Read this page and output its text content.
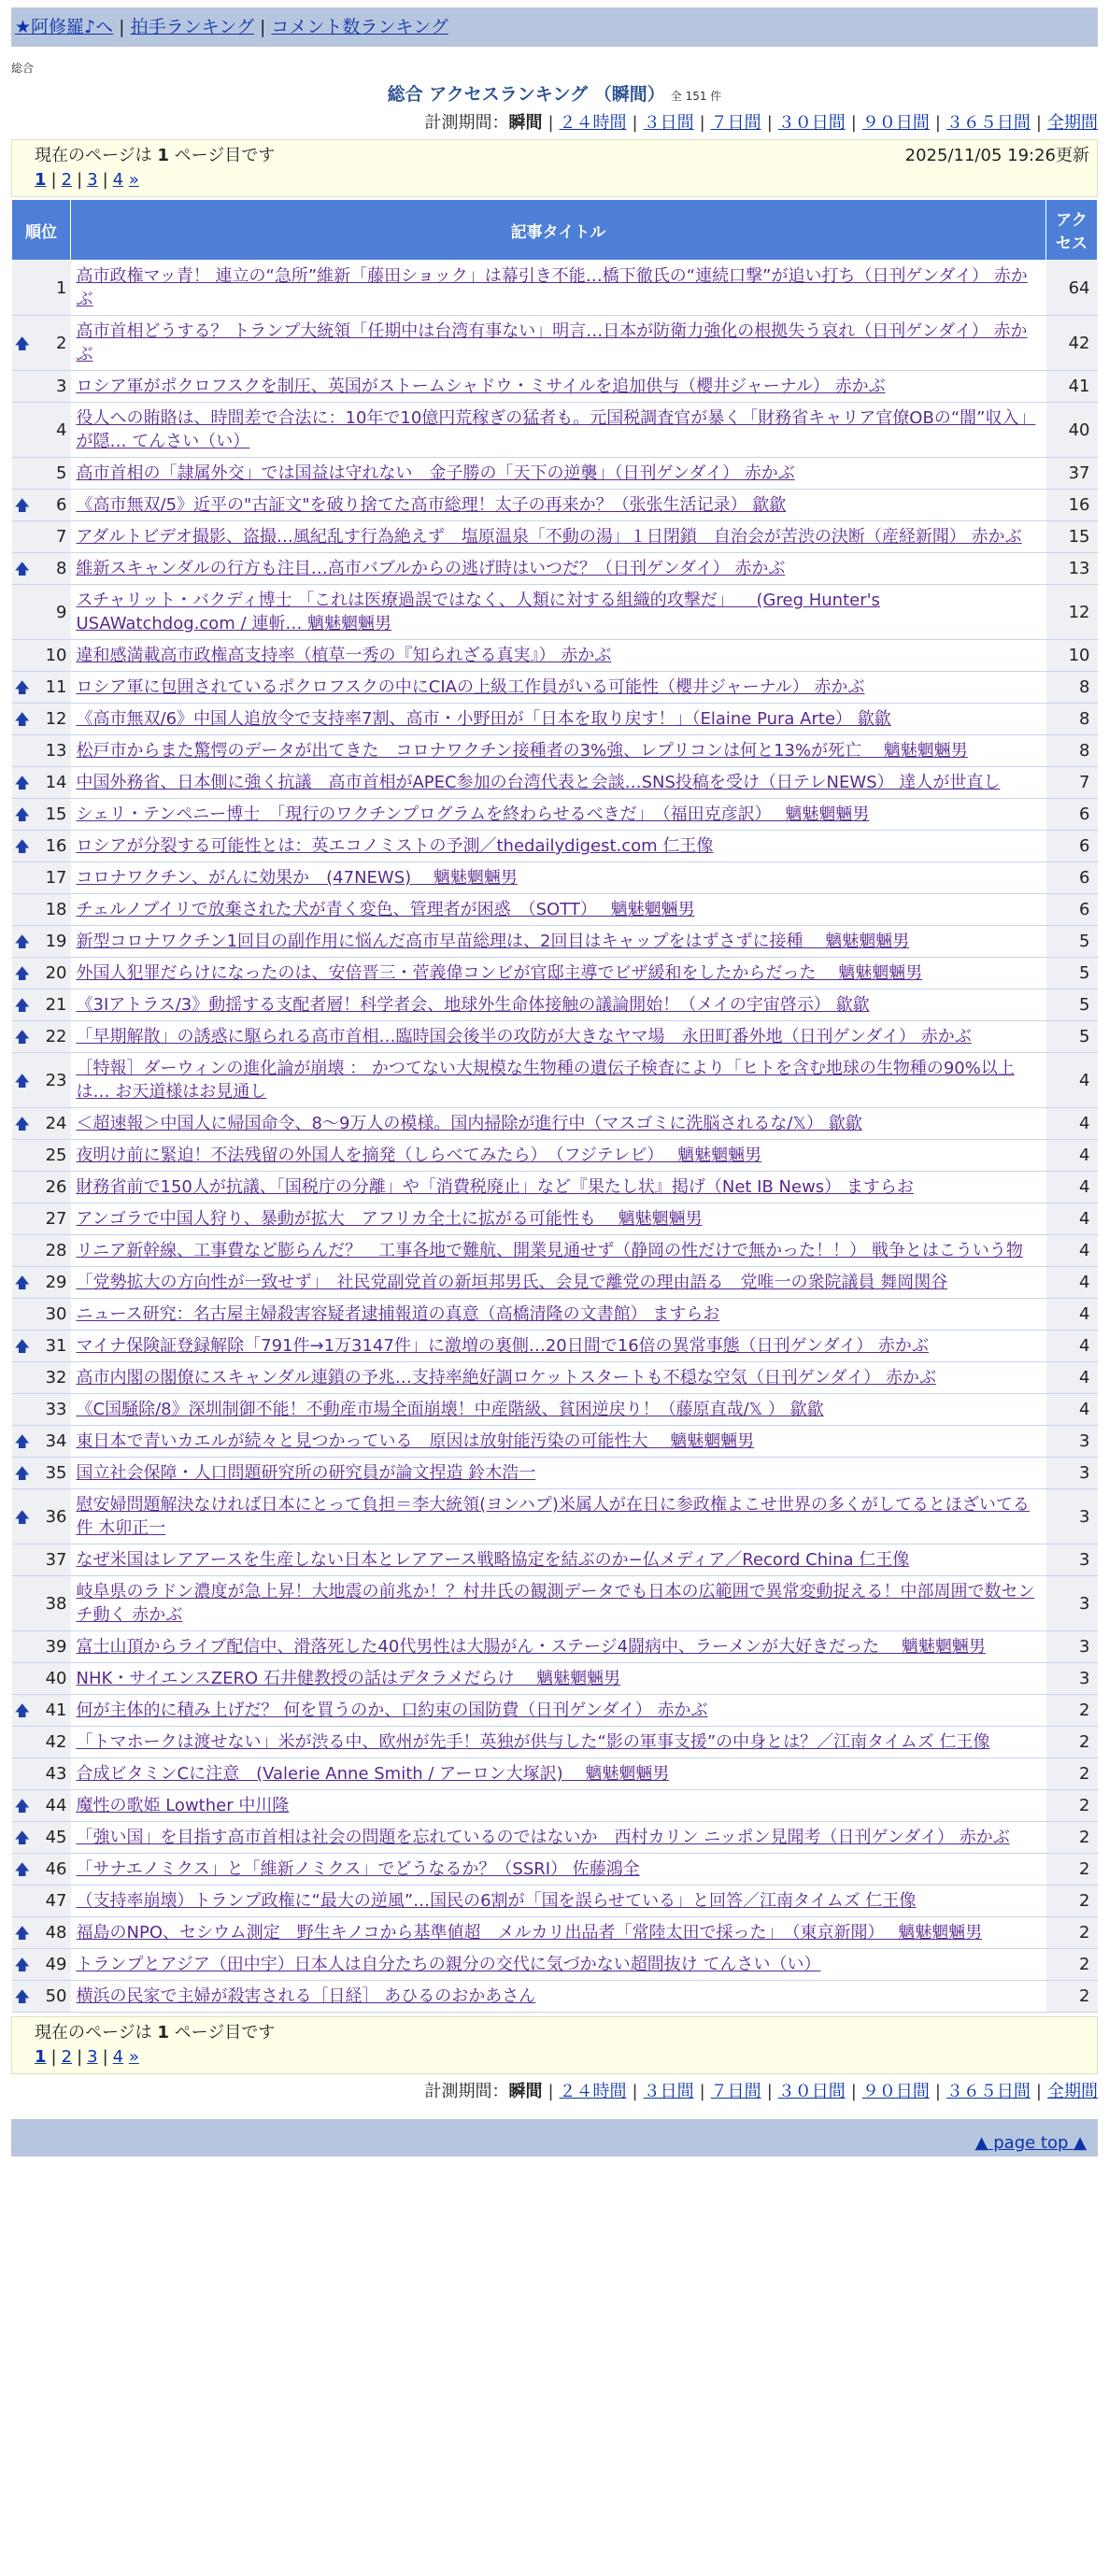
★阿修羅♪へ | 拍手ランキング | コメント数ランキング
総合
総合 アクセスランキング （瞬間） 全 151 件
計測期間：瞬間 | ２４時間 | ３日間 | ７日間 | ３０日間 | ９０日間 | ３６５日間 | 全期間
現在のページは 1 ページ目です	2025/11/05 19:26更新
1 | 2 | 3 | 4 »
順位	記事タイトル	アクセス
1	高市政権マッ青！ 連立の“急所”維新「藤田ショック」は幕引き不能…橋下徹氏の“連続口撃”が追い打ち（日刊ゲンダイ） 赤かぶ	64

🡅 2	高市首相どうする？ トランプ大統領「任期中は台湾有事ない」明言…日本が防衛力強化の根拠失う哀れ（日刊ゲンダイ） 赤かぶ	42
3	ロシア軍がポクロフスクを制圧、英国がストームシャドウ・ミサイルを追加供与（櫻井ジャーナル） 赤かぶ	41
4	役人への賄賂は、時間差で合法に：10年で10億円荒稼ぎの猛者も。元国税調査官が暴く「財務省キャリア官僚OBの“闇”収入」が隠… てんさい（い）	40
5	高市首相の「隷属外交」では国益は守れない　金子勝の「天下の逆襲」（日刊ゲンダイ） 赤かぶ	37

🡅 6	《高市無双/5》近平の"古証文"を破り捨てた高市総理！太子の再来か？（张张生活记录） 歙歙	16
7	アダルトビデオ撮影、盗撮…風紀乱す行為絶えず　塩原温泉「不動の湯」１日閉鎖　自治会が苦渋の決断（産経新聞） 赤かぶ	15

🡅 8	維新スキャンダルの行方も注目…高市バブルからの逃げ時はいつだ？（日刊ゲンダイ） 赤かぶ	13
9	スチャリット・バクディ博士 「これは医療過誤ではなく、人類に対する組織的攻撃だ」 　(Greg Hunter's USAWatchdog.com / 連斬… 魑魅魍魎男	12
10	違和感満載高市政権高支持率（植草一秀の『知られざる真実』） 赤かぶ	10

🡅 11	ロシア軍に包囲されているポクロフスクの中にCIAの上級工作員がいる可能性（櫻井ジャーナル） 赤かぶ	8

🡅 12	《高市無双/6》中国人追放令で支持率7割、高市・小野田が「日本を取り戻す！」（Elaine Pura Arte） 歙歙	8
13	松戸市からまた驚愕のデータが出てきた　コロナワクチン接種者の3%強、レプリコンは何と13%が死亡　 魑魅魍魎男	8

🡅 14	中国外務省、日本側に強く抗議　高市首相がAPEC参加の台湾代表と会談…SNS投稿を受け（日テレNEWS） 達人が世直し	7

🡅 15	シェリ・テンペニー博士　「現行のワクチンプログラムを終わらせるべきだ」　（福田克彦訳）　 魑魅魍魎男	6

🡅 16	ロシアが分裂する可能性とは：英エコノミストの予測／thedailydigest.com 仁王像	6
17	コロナワクチン、がんに効果か　(47NEWS)　 魑魅魍魎男	6
18	チェルノブイリで放棄された犬が青く変色、管理者が困惑　（SOTT）　 魑魅魍魎男	6

🡅 19	新型コロナワクチン1回目の副作用に悩んだ高市早苗総理は、2回目はキャップをはずさずに接種　 魑魅魍魎男	5

🡅 20	外国人犯罪だらけになったのは、安倍晋三・菅義偉コンビが官邸主導でビザ緩和をしたからだった　 魑魅魍魎男	5

🡅 21	《3Iアトラス/3》動揺する支配者層！科学者会、地球外生命体接触の議論開始！（メイの宇宙啓示） 歙歙	5

🡅 22	「早期解散」の誘惑に駆られる高市首相…臨時国会後半の攻防が大きなヤマ場　永田町番外地（日刊ゲンダイ） 赤かぶ	5

🡅 23	［特報］ダーウィンの進化論が崩壊 ： かつてない大規模な生物種の遺伝子検査により「ヒトを含む地球の生物種の90%以上は… お天道様はお見通し	4

🡅 24	＜超速報＞中国人に帰国命令、8〜9万人の模様。国内掃除が進行中（マスゴミに洗脳されるな/𝕏） 歙歙	4
25	夜明け前に緊迫！不法残留の外国人を摘発（しらべてみたら）　（フジテレビ）　 魑魅魍魎男	4
26	財務省前で150人が抗議、「国税庁の分離」や「消費税廃止」など『果たし状』掲げ（Net IB News） ますらお	4
27	アンゴラで中国人狩り、暴動が拡大　アフリカ全土に拡がる可能性も　 魑魅魍魎男	4
28	リニア新幹線、工事費など膨らんだ？　工事各地で難航、開業見通せず（静岡の性だけで無かった！！） 戦争とはこういう物	4

🡅 29	「党勢拡大の方向性が一致せず」　社民党副党首の新垣邦男氏、会見で離党の理由語る　党唯一の衆院議員 舞岡関谷	4
30	ニュース研究：名古屋主婦殺害容疑者逮捕報道の真意（高橋清隆の文書館） ますらお	4

🡅 31	マイナ保険証登録解除「791件→1万3147件」に激増の裏側…20日間で16倍の異常事態（日刊ゲンダイ） 赤かぶ	4
32	高市内閣の閣僚にスキャンダル連鎖の予兆…支持率絶好調ロケットスタートも不穏な空気（日刊ゲンダイ） 赤かぶ	4
33	《C国騒除/8》深圳制御不能！不動産市場全面崩壊！中産階級、貧困逆戻り！（藤原直哉/𝕏 ） 歙歙	4

🡅 34	東日本で青いカエルが続々と見つかっている　原因は放射能汚染の可能性大　 魑魅魍魎男	3

🡅 35	国立社会保障・人口問題研究所の研究員が論文捏造 鈴木浩一	3

🡅 36	慰安婦問題解決なければ日本にとって負担＝李大統領(ヨンハプ)米属人が在日に参政権よこせ世界の多くがしてるとほざいてる件 木卯正一	3
37	なぜ米国はレアアースを生産しない日本とレアアース戦略協定を結ぶのか−仏メディア／Record China 仁王像	3
38	岐阜県のラドン濃度が急上昇！大地震の前兆か！？村井氏の観測データでも日本の広範囲で異常変動捉える！中部周囲で数センチ動く 赤かぶ	3
39	富士山頂からライブ配信中、滑落死した40代男性は大腸がん・ステージ4闘病中、ラーメンが大好きだった　 魑魅魍魎男	3
40	NHK・サイエンスZERO 石井健教授の話はデタラメだらけ　 魑魅魍魎男	3

🡅 41	何が主体的に積み上げだ？ 何を買うのか、口約束の国防費（日刊ゲンダイ） 赤かぶ	2
42	「トマホークは渡せない」米が渋る中、欧州が先手！英独が供与した“影の軍事支援”の中身とは？／江南タイムズ 仁王像	2
43	合成ビタミンCに注意　(Valerie Anne Smith / アーロン大塚訳)　 魑魅魍魎男	2

🡅 44	魔性の歌姫 Lowther 中川隆	2

🡅 45	「強い国」を目指す高市首相は社会の問題を忘れているのではないか　西村カリン ニッポン見聞考（日刊ゲンダイ） 赤かぶ	2

🡅 46	「サナエノミクス」と「維新ノミクス」でどうなるか？（SSRI） 佐藤鴻全	2
47	（支持率崩壊）トランプ政権に“最大の逆風”…国民の6割が「国を誤らせている」と回答／江南タイムズ 仁王像	2

🡅 48	福島のNPO、セシウム測定　野生キノコから基準値超　メルカリ出品者「常陸太田で採った」　（東京新聞）　 魑魅魍魎男	2

🡅 49	トランプとアジア（田中宇）日本人は自分たちの親分の交代に気づかない超間抜け てんさい（い）	2

🡅 50	横浜の民家で主婦が殺害される［日経］ あひるのおかあさん	2
現在のページは 1 ページ目です
1 | 2 | 3 | 4 »
計測期間：瞬間 | ２４時間 | ３日間 | ７日間 | ３０日間 | ９０日間 | ３６５日間 | 全期間
▲ page top ▲
